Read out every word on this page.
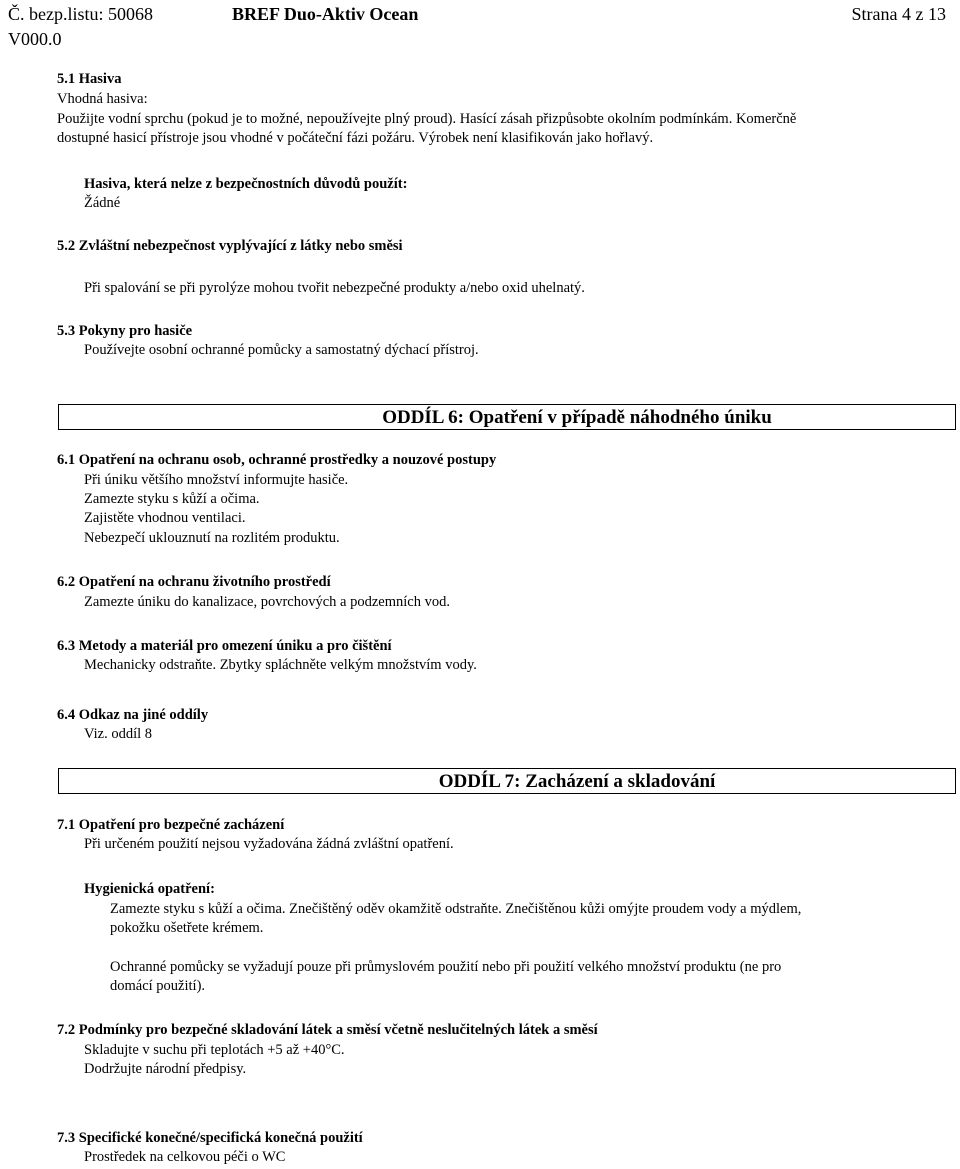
Č. bezp.listu: 50068	BREF Duo-Aktiv Ocean	Strana 4 z 13
V000.0
5.1 Hasiva
Vhodná hasiva:
Použijte vodní sprchu (pokud je to možné, nepoužívejte plný proud). Hasící zásah přizpůsobte okolním podmínkám. Komerčně
dostupné hasicí přístroje jsou vhodné v počáteční fázi požáru. Výrobek není klasifikován jako hořlavý.
Hasiva, která nelze z bezpečnostních důvodů použít:
Žádné
5.2 Zvláštní nebezpečnost vyplývající z látky nebo směsi
Při spalování se při pyrolýze mohou tvořit nebezpečné produkty a/nebo oxid uhelnatý.
5.3 Pokyny pro hasiče
Používejte osobní ochranné pomůcky a samostatný dýchací přístroj.
ODDÍL 6: Opatření v případě náhodného úniku
6.1 Opatření na ochranu osob, ochranné prostředky a nouzové postupy
Při úniku většího množství informujte hasiče.
Zamezte styku s kůží a očima.
Zajistěte vhodnou ventilaci.
Nebezpečí uklouznutí na rozlitém produktu.
6.2 Opatření na ochranu životního prostředí
Zamezte úniku do kanalizace, povrchových a podzemních vod.
6.3 Metody a materiál pro omezení úniku a pro čištění
Mechanicky odstraňte. Zbytky spláchněte velkým množstvím vody.
6.4 Odkaz na jiné oddíly
Viz. oddíl 8
ODDÍL 7: Zacházení a skladování
7.1 Opatření pro bezpečné zacházení
Při určeném použití nejsou vyžadována žádná zvláštní opatření.
Hygienická opatření:
Zamezte styku s kůží a očima. Znečištěný oděv okamžitě odstraňte. Znečištěnou kůži omýjte proudem vody a mýdlem,
pokožku ošetřete krémem.
Ochranné pomůcky se vyžadují pouze při průmyslovém použití nebo při použití velkého množství produktu (ne pro
domácí použití).
7.2 Podmínky pro bezpečné skladování látek a směsí včetně neslučitelných látek a směsí
Skladujte v suchu při teplotách +5 až +40°C.
Dodržujte národní předpisy.
7.3 Specifické konečné/specifická konečná použití
Prostředek na celkovou péči o WC
